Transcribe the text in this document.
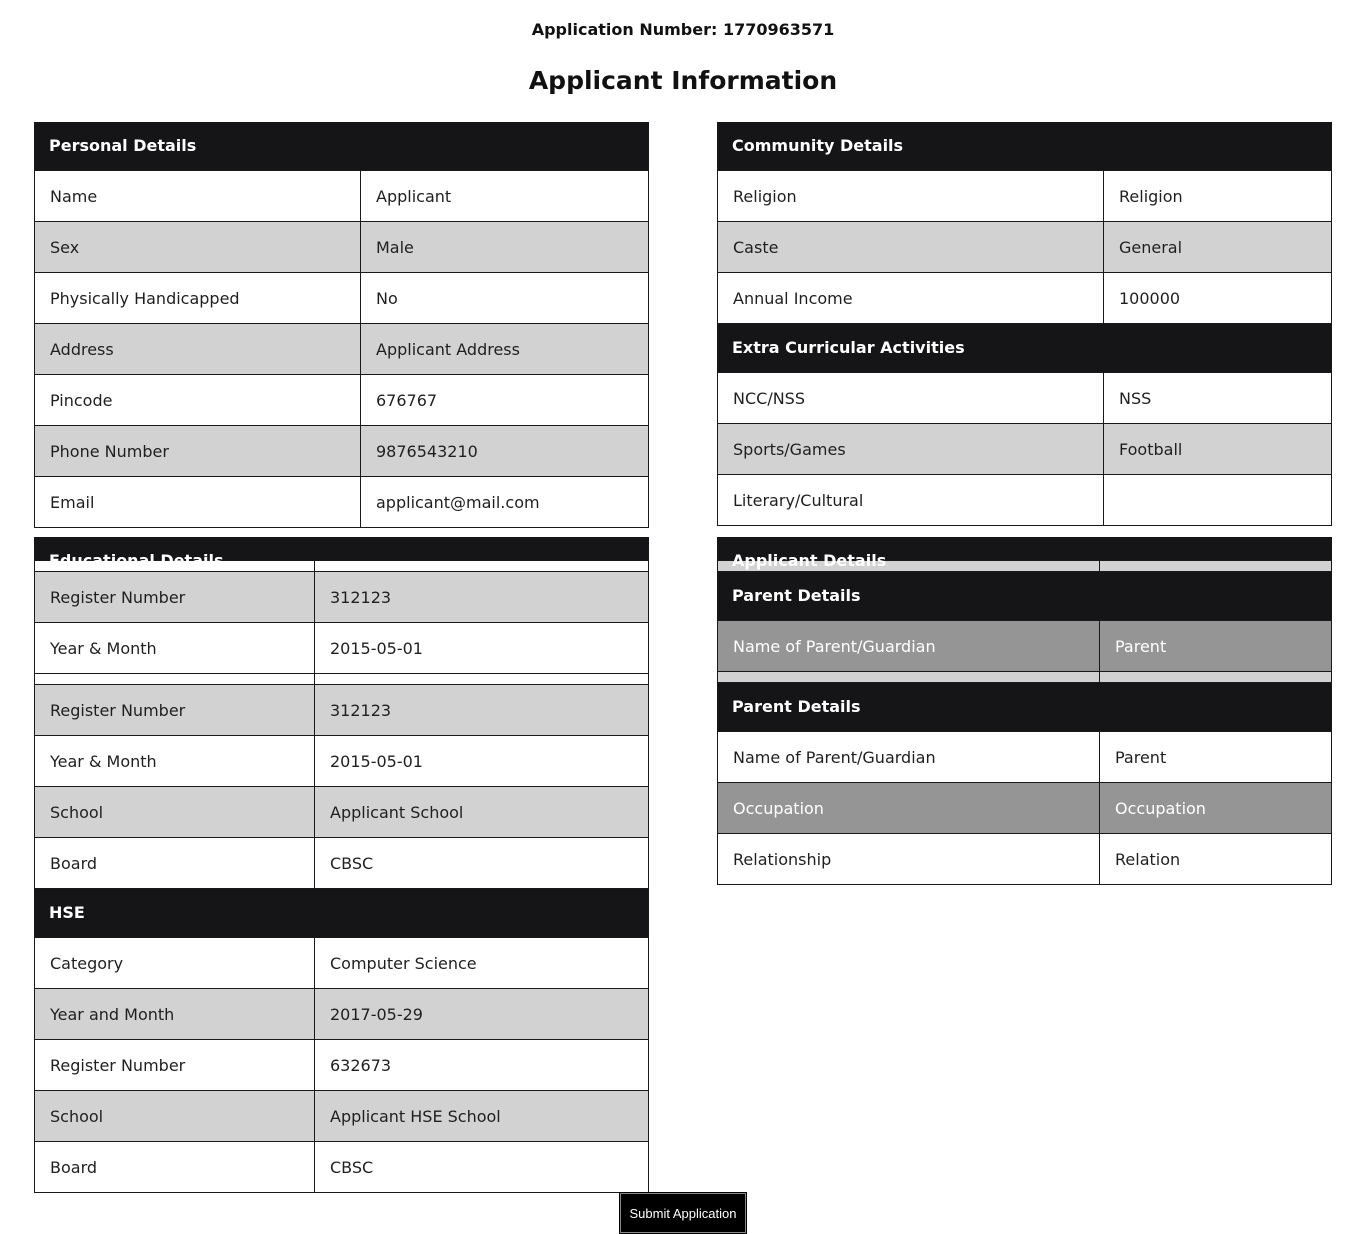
Application Number: 1770963571
Applicant Information
Personal Details
Name	Applicant
Sex	Male
Physically Handicapped	No
Address	Applicant Address
Pincode	676767
Phone Number	9876543210
Email	applicant@mail.com
Community Details
Religion	Religion
Caste	General
Annual Income	100000
Extra Curricular Activities
NCC/NSS	NSS
Sports/Games	Football
Literary/Cultural	

Register Number	312123
Year & Month	2015-05-01

Register Number	312123
Year & Month	2015-05-01
School	Applicant School
Board	CBSC
HSE
Category	Computer Science
Year and Month	2017-05-29
Register Number	632673
School	Applicant HSE School
Board	CBSC

Parent Details
Name of Parent/Guardian	Parent

Parent Details
Name of Parent/Guardian	Parent
Occupation	Occupation
Relationship	Relation
Submit Application
